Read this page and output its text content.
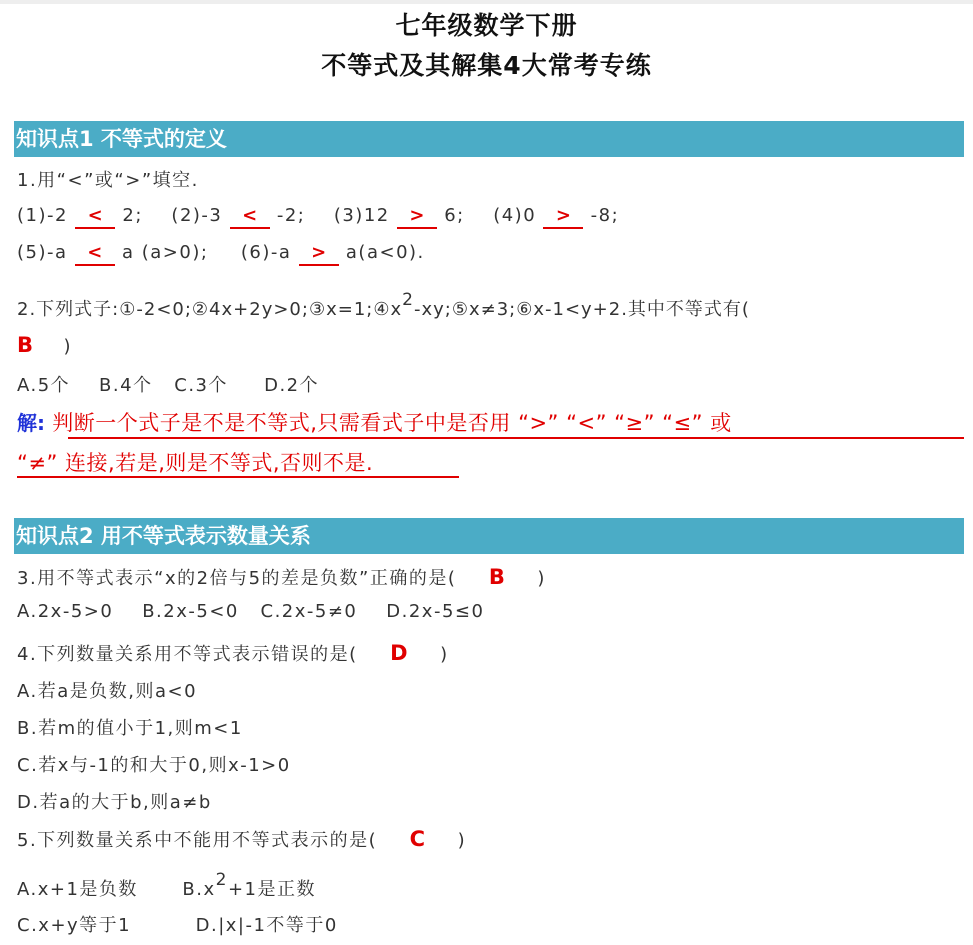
七年级数学下册
不等式及其解集4大常考专练
知识点1 不等式的定义
1.用“<”或“>”填空.
(1)-2 < 2; (2)-3 < -2; (3)12 > 6; (4)0 > -8;
(5)-a < a (a>0); (6)-a > a(a<0).
2.下列式子$:①-2<0;②4x+2y>0;③x=1;④x^2-xy;⑤x\ne 3;⑥x-1<y+2$.其中不等式有(
B )
A.5个    B.4个   C.3个     D.2个
解: 判断一个式子是不是不等式,只需看式子中是否用 “>” “<” “≥” “≤” 或
“≠” 连接,若是,则是不等式,否则不是.
知识点2 用不等式表示数量关系
3.用不等式表示“x的2倍与5的差是负数”正确的是( B )
A.2x-5>0    B.2x-5<0   C.2x-5≠0    D.2x-5≤0
4.下列数量关系用不等式表示错误的是( D )
A.若a是负数,则a<0
B.若m的值小于1,则m<1
C.若x与-1的和大于0,则x-1>0
D.若a的大于b,则a≠b
5.下列数量关系中不能用不等式表示的是( C )
A.x+1是负数 $B.x^2+1$是正数
C.x+y等于1	D.|x|-1不等于0
